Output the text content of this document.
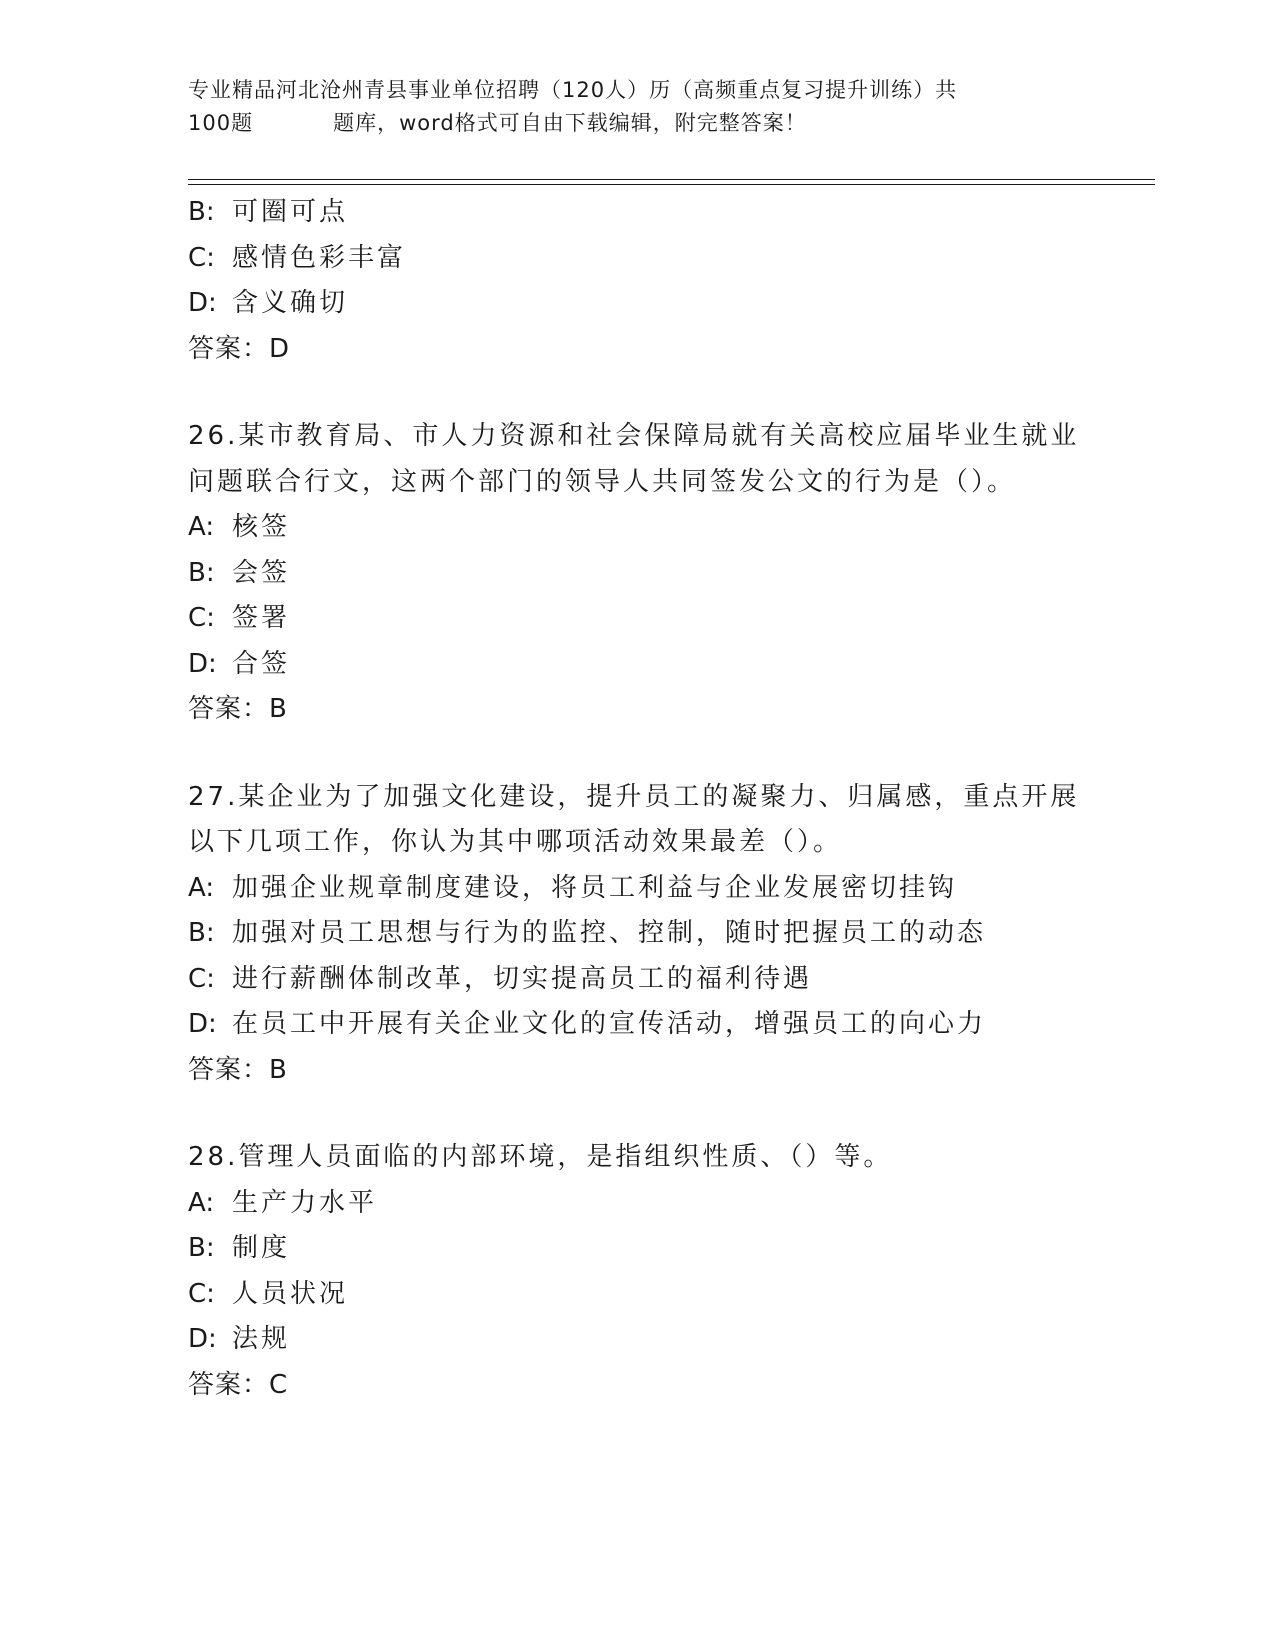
专业精品河北沧州青县事业单位招聘（120人）历（高频重点复习提升训练）共
100题	题库，word格式可自由下载编辑，附完整答案！
B: 可圈可点
C: 感情色彩丰富
D: 含义确切
答案：D
26.某市教育局、市人力资源和社会保障局就有关高校应届毕业生就业
问题联合行文，这两个部门的领导人共同签发公文的行为是（）。
A: 核签
B: 会签
C: 签署
D: 合签
答案：B
27.某企业为了加强文化建设，提升员工的凝聚力、归属感，重点开展
以下几项工作，你认为其中哪项活动效果最差（）。
A: 加强企业规章制度建设，将员工利益与企业发展密切挂钩
B: 加强对员工思想与行为的监控、控制，随时把握员工的动态
C: 进行薪酬体制改革，切实提高员工的福利待遇
D: 在员工中开展有关企业文化的宣传活动，增强员工的向心力
答案：B
28.管理人员面临的内部环境，是指组织性质、（）等。
A: 生产力水平
B: 制度
C: 人员状况
D: 法规
答案：C
